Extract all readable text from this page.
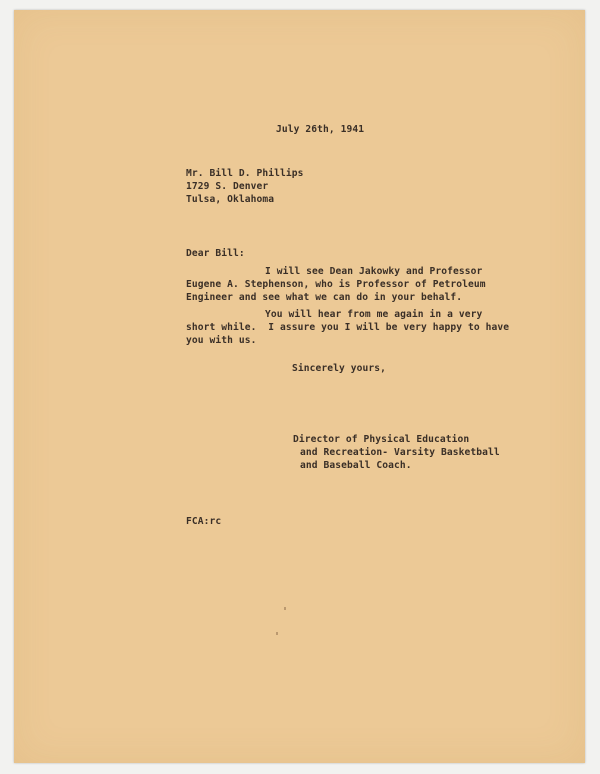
July 26th, 1941
Mr. Bill D. Phillips
1729 S. Denver
Tulsa, Oklahoma
Dear Bill:
I will see Dean Jakowky and Professor
Eugene A. Stephenson, who is Professor of Petroleum
Engineer and see what we can do in your behalf.
You will hear from me again in a very
short while.  I assure you I will be very happy to have
you with us.
Sincerely yours,
Director of Physical Education
and Recreation- Varsity Basketball
and Baseball Coach.
FCA:rc
